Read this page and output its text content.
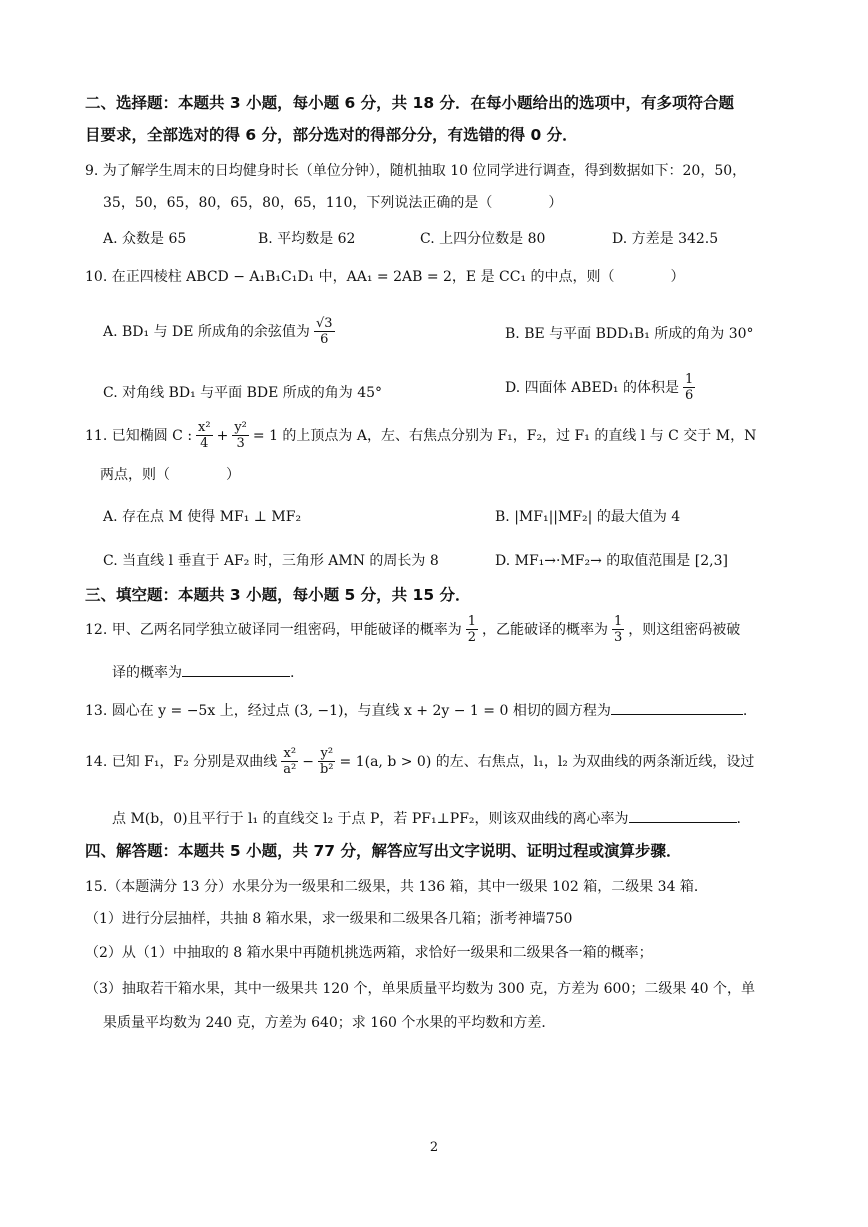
二、选择题：本题共 3 小题，每小题 6 分，共 18 分．在每小题给出的选项中，有多项符合题
目要求，全部选对的得 6 分，部分选对的得部分分，有选错的得 0 分．
9. 为了解学生周末的日均健身时长（单位分钟），随机抽取 10 位同学进行调查，得到数据如下：20，50，
35，50，65，80，65，80，65，110，下列说法正确的是（　　　　）
A. 众数是 65	B. 平均数是 62	C. 上四分位数是 80	D. 方差是 342.5
10. 在正四棱柱 ABCD − A₁B₁C₁D₁ 中，AA₁ = 2AB = 2，E 是 CC₁ 的中点，则（　　　　）
A. BD₁ 与 DE 所成角的余弦值为 $\frac{√3}{6}$	B. BE 与平面 BDD₁B₁ 所成的角为 30°
C. 对角线 BD₁ 与平面 BDE 所成的角为 45°	D. 四面体 ABED₁ 的体积是 $\frac{1}{6}$
11. 已知椭圆 C : $\frac{\text{x²}}{4} + \frac{\text{y²}}{3} = 1$ 的上顶点为 A，左、右焦点分别为 F₁，F₂，过 F₁ 的直线 l 与 C 交于 M，N
两点，则（　　　　）
A. 存在点 M 使得 MF₁ ⊥ MF₂	B. |MF₁||MF₂| 的最大值为 4
C. 当直线 l 垂直于 AF₂ 时，三角形 AMN 的周长为 8	D. MF₁→·MF₂→ 的取值范围是 [2,3]
三、填空题：本题共 3 小题，每小题 5 分，共 15 分．
12. 甲、乙两名同学独立破译同一组密码，甲能破译的概率为 $\frac{1}{2}$ ，乙能破译的概率为 $\frac{1}{3}$ ，则这组密码被破
译的概率为	.
13. 圆心在 y = −5x 上，经过点 (3, −1)，与直线 x + 2y − 1 = 0 相切的圆方程为	.
14. 已知 F₁，F₂ 分别是双曲线 $\frac{\text{x²}}{\text{a²}} - \frac{\text{y²}}{\text{b²}} = 1(a$, b > 0) 的左、右焦点，l₁，l₂ 为双曲线的两条渐近线，设过
点 M(b，0)且平行于 l₁ 的直线交 l₂ 于点 P，若 PF₁⊥PF₂，则该双曲线的离心率为	.
四、解答题：本题共 5 小题，共 77 分，解答应写出文字说明、证明过程或演算步骤．
15.（本题满分 13 分）水果分为一级果和二级果，共 136 箱，其中一级果 102 箱，二级果 34 箱．
（1）进行分层抽样，共抽 8 箱水果，求一级果和二级果各几箱；浙考神墙750
（2）从（1）中抽取的 8 箱水果中再随机挑选两箱，求恰好一级果和二级果各一箱的概率；
（3）抽取若干箱水果，其中一级果共 120 个，单果质量平均数为 300 克，方差为 600；二级果 40 个，单
果质量平均数为 240 克，方差为 640；求 160 个水果的平均数和方差．
2
